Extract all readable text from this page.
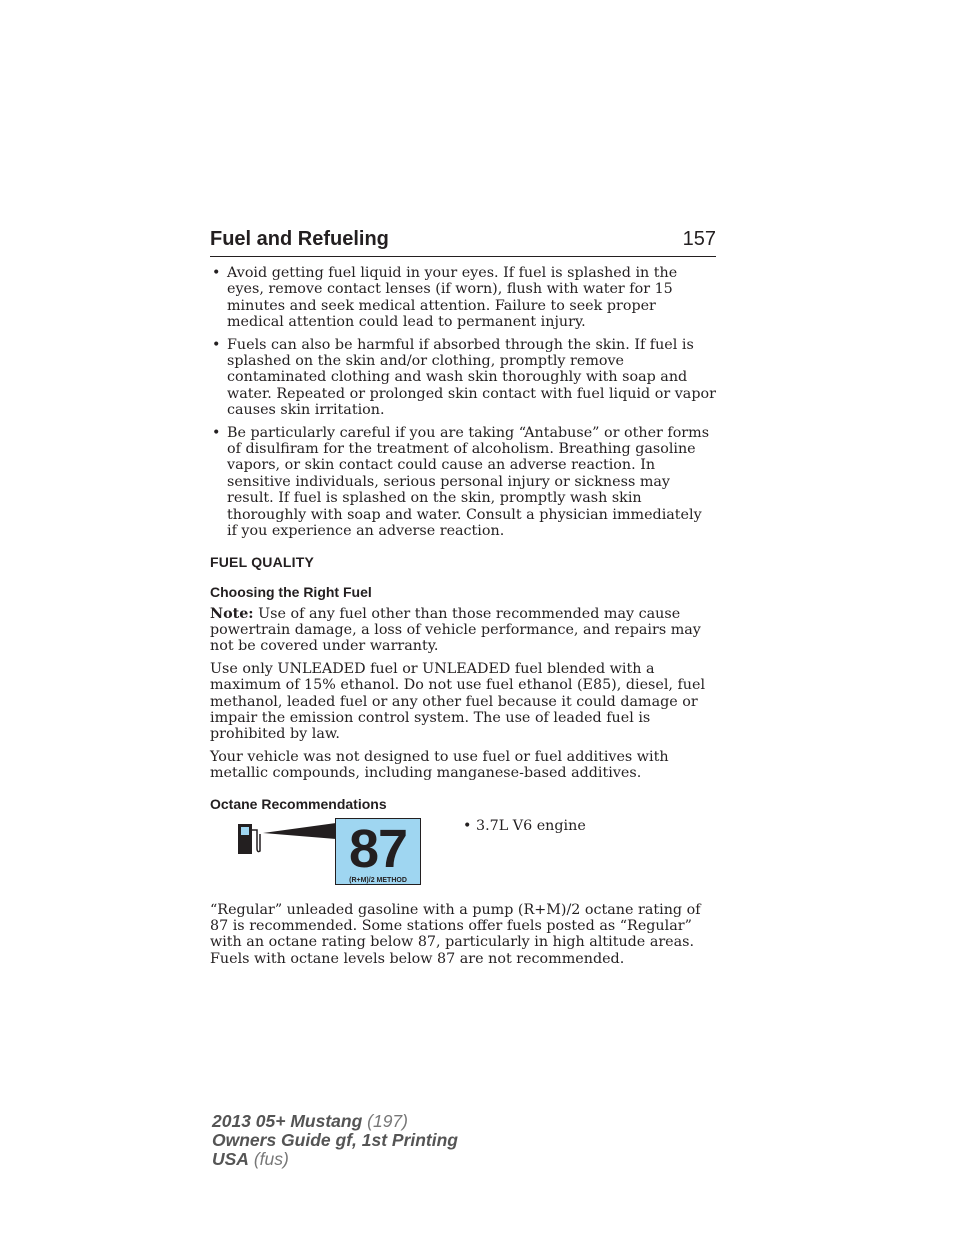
Fuel and Refueling	157
• Avoid getting fuel liquid in your eyes. If fuel is splashed in the eyes, remove contact lenses (if worn), flush with water for 15 minutes and seek medical attention. Failure to seek proper medical attention could lead to permanent injury.
• Fuels can also be harmful if absorbed through the skin. If fuel is splashed on the skin and/or clothing, promptly remove contaminated clothing and wash skin thoroughly with soap and water. Repeated or prolonged skin contact with fuel liquid or vapor causes skin irritation.
• Be particularly careful if you are taking “Antabuse” or other forms of disulfiram for the treatment of alcoholism. Breathing gasoline vapors, or skin contact could cause an adverse reaction. In sensitive individuals, serious personal injury or sickness may result. If fuel is splashed on the skin, promptly wash skin thoroughly with soap and water. Consult a physician immediately if you experience an adverse reaction.
FUEL QUALITY
Choosing the Right Fuel

Note: Use of any fuel other than those recommended may cause powertrain damage, a loss of vehicle performance, and repairs may not be covered under warranty.

Use only UNLEADED fuel or UNLEADED fuel blended with a maximum of 15% ethanol. Do not use fuel ethanol (E85), diesel, fuel methanol, leaded fuel or any other fuel because it could damage or impair the emission control system. The use of leaded fuel is prohibited by law.

Your vehicle was not designed to use fuel or fuel additives with metallic compounds, including manganese-based additives.

Octane Recommendations
87
(R+M)/2 METHOD
• 3.7L V6 engine

“Regular” unleaded gasoline with a pump (R+M)/2 octane rating of 87 is recommended. Some stations offer fuels posted as “Regular” with an octane rating below 87, particularly in high altitude areas. Fuels with octane levels below 87 are not recommended.

2013 05+ Mustang (197)
Owners Guide gf, 1st Printing
USA (fus)
